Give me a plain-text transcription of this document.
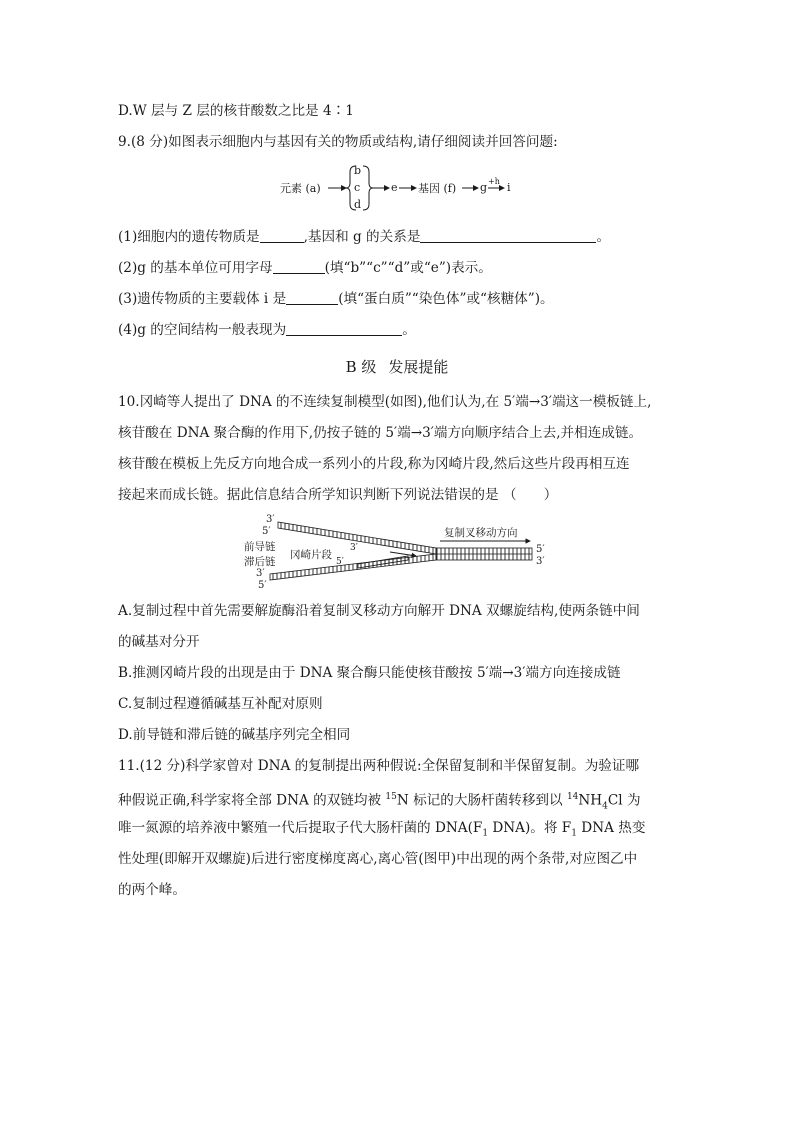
D.W 层与 Z 层的核苷酸数之比是 4∶1
9.(8 分)如图表示细胞内与基因有关的物质或结构,请仔细阅读并回答问题:
元素 (a)
b
c
d
e 基因 (f) g +h i
(1)细胞内的遗传物质是	,基因和 g 的关系是	。
(2)g 的基本单位可用字母	(填“b”“c”“d”或“e”)表示。
(3)遗传物质的主要载体 i 是	(填“蛋白质”“染色体”或“核糖体”)。
(4)g 的空间结构一般表现为	。
B 级 发展提能
10.冈崎等人提出了 DNA 的不连续复制模型(如图),他们认为,在 5′端→3′端这一模板链上,
核苷酸在 DNA 聚合酶的作用下,仍按子链的 5′端→3′端方向顺序结合上去,并相连成链。
核苷酸在模板上先反方向地合成一系列小的片段,称为冈崎片段,然后这些片段再相互连
接起来而成长链。据此信息结合所学知识判断下列说法错误的是 （　　）
复制叉移动方向
3′
5′
前导链
滞后链
冈崎片段
5′
3′
3′
5′
5′
3′
A.复制过程中首先需要解旋酶沿着复制叉移动方向解开 DNA 双螺旋结构,使两条链中间
的碱基对分开
B.推测冈崎片段的出现是由于 DNA 聚合酶只能使核苷酸按 5′端→3′端方向连接成链
C.复制过程遵循碱基互补配对原则
D.前导链和滞后链的碱基序列完全相同
11.(12 分)科学家曾对 DNA 的复制提出两种假说:全保留复制和半保留复制。为验证哪
种假说正确,科学家将全部 DNA 的双链均被 $^{15}$N 标记的大肠杆菌转移到以 $^{14}NH_4Cl$ 为
唯一氮源的培养液中繁殖一代后提取子代大肠杆菌的 $DNA(F_1$ DNA)。将 $F_1$ DNA 热变
性处理(即解开双螺旋)后进行密度梯度离心,离心管(图甲)中出现的两个条带,对应图乙中
的两个峰。
